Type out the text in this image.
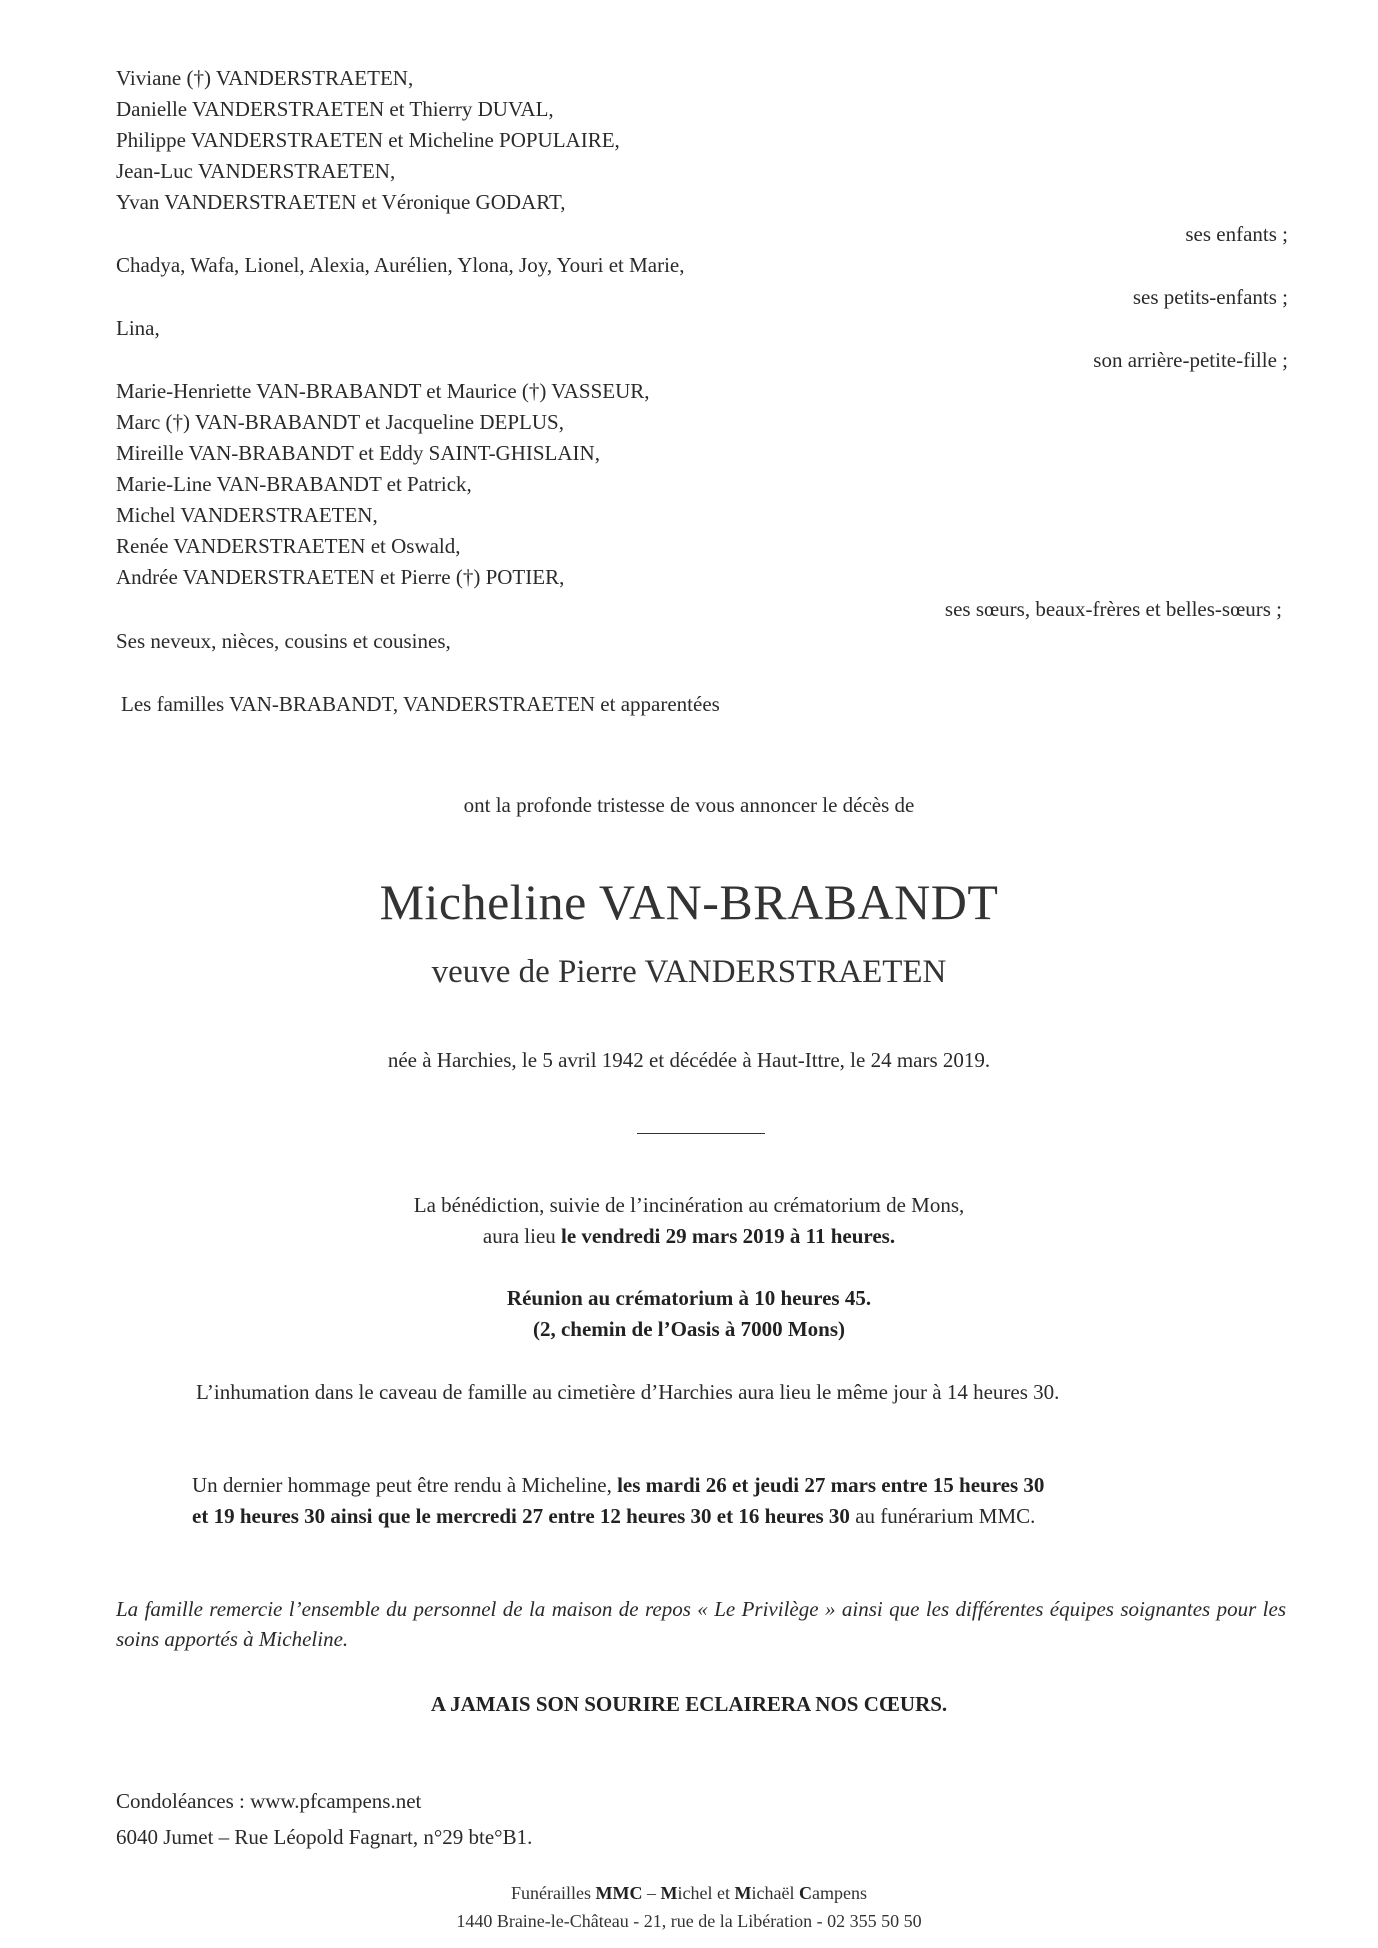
Viviane (†) VANDERSTRAETEN,
Danielle VANDERSTRAETEN et Thierry DUVAL,
Philippe VANDERSTRAETEN et Micheline POPULAIRE,
Jean-Luc VANDERSTRAETEN,
Yvan VANDERSTRAETEN et Véronique GODART,
ses enfants ;
Chadya, Wafa, Lionel, Alexia, Aurélien, Ylona, Joy, Youri et Marie,
ses petits-enfants ;
Lina,
son arrière-petite-fille ;
Marie-Henriette VAN-BRABANDT et Maurice (†) VASSEUR,
Marc (†) VAN-BRABANDT et Jacqueline DEPLUS,
Mireille VAN-BRABANDT et Eddy SAINT-GHISLAIN,
Marie-Line VAN-BRABANDT et Patrick,
Michel VANDERSTRAETEN,
Renée VANDERSTRAETEN et Oswald,
Andrée VANDERSTRAETEN et Pierre (†) POTIER,
ses sœurs, beaux-frères et belles-sœurs ;
Ses neveux, nièces, cousins et cousines,
Les familles VAN-BRABANDT, VANDERSTRAETEN et apparentées
ont la profonde tristesse de vous annoncer le décès de
Micheline VAN-BRABANDT
veuve de Pierre VANDERSTRAETEN
née à Harchies, le 5 avril 1942 et décédée à Haut-Ittre, le 24 mars 2019.
La bénédiction, suivie de l’incinération au crématorium de Mons,
aura lieu le vendredi 29 mars 2019 à 11 heures.
Réunion au crématorium à 10 heures 45.
(2, chemin de l’Oasis à 7000 Mons)
L’inhumation dans le caveau de famille au cimetière d’Harchies aura lieu le même jour à 14 heures 30.
Un dernier hommage peut être rendu à Micheline, les mardi 26 et jeudi 27 mars entre 15 heures 30
et 19 heures 30 ainsi que le mercredi 27 entre 12 heures 30 et 16 heures 30 au funérarium MMC.
La famille remercie l’ensemble du personnel de la maison de repos « Le Privilège » ainsi que les différentes équipes soignantes pour les soins apportés à Micheline.
A JAMAIS SON SOURIRE ECLAIRERA NOS CŒURS.
Condoléances : www.pfcampens.net
6040 Jumet – Rue Léopold Fagnart, n°29 bte°B1.
Funérailles MMC – Michel et Michaël Campens
1440 Braine-le-Château - 21, rue de la Libération - 02 355 50 50
